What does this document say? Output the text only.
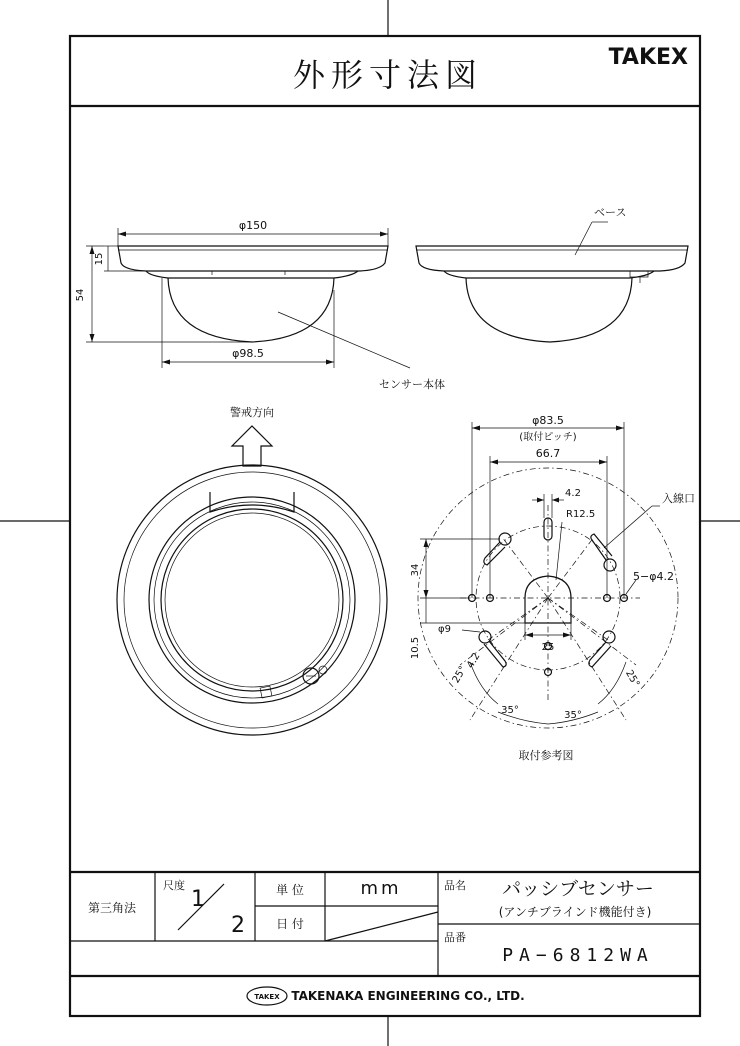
外形寸法図	TAKEX
φ150
15
54
φ98.5
ベース
センサー本体
警戒方向
φ83.5
(取付ピッチ)
66.7
4.2
R12.5
入線口
5−φ4.2
34
10.5
φ9
25
4.2
25°	25°
35°	35°
取付参考図
第三角法
尺度
1
2
単 位	mm
日 付
品名 パッシブセンサー
(アンチブラインド機能付き)
品番
PA−6812WA
TAKEX TAKENAKA ENGINEERING CO., LTD.
